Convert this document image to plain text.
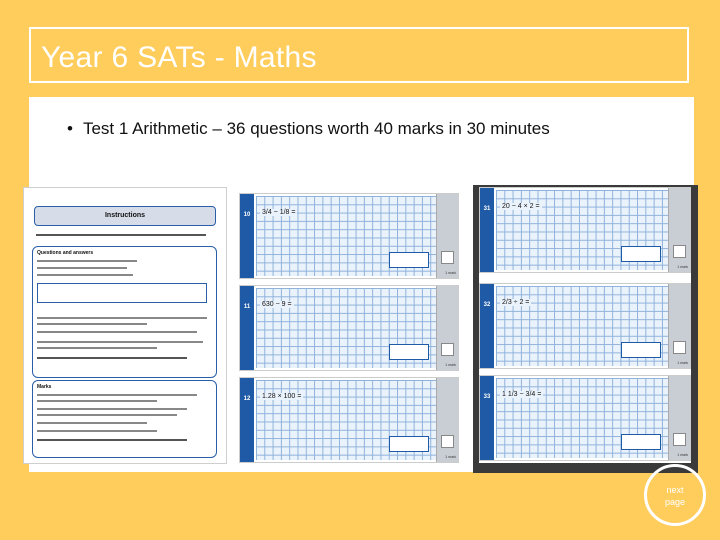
Year 6 SATs - Maths
• Test 1 Arithmetic – 36 questions worth 40 marks in 30 minutes
Instructions
Questions and answers
Marks
10	3/4 − 1/8 =
1 mark
11	630 − 9 =
1 mark
12	1.28 × 100 =
1 mark
31	20 − 4 × 2 =
1 mark
32	2/3 ÷ 2 =
1 mark
33	1 1/3 − 3/4 =
1 mark
next
page
